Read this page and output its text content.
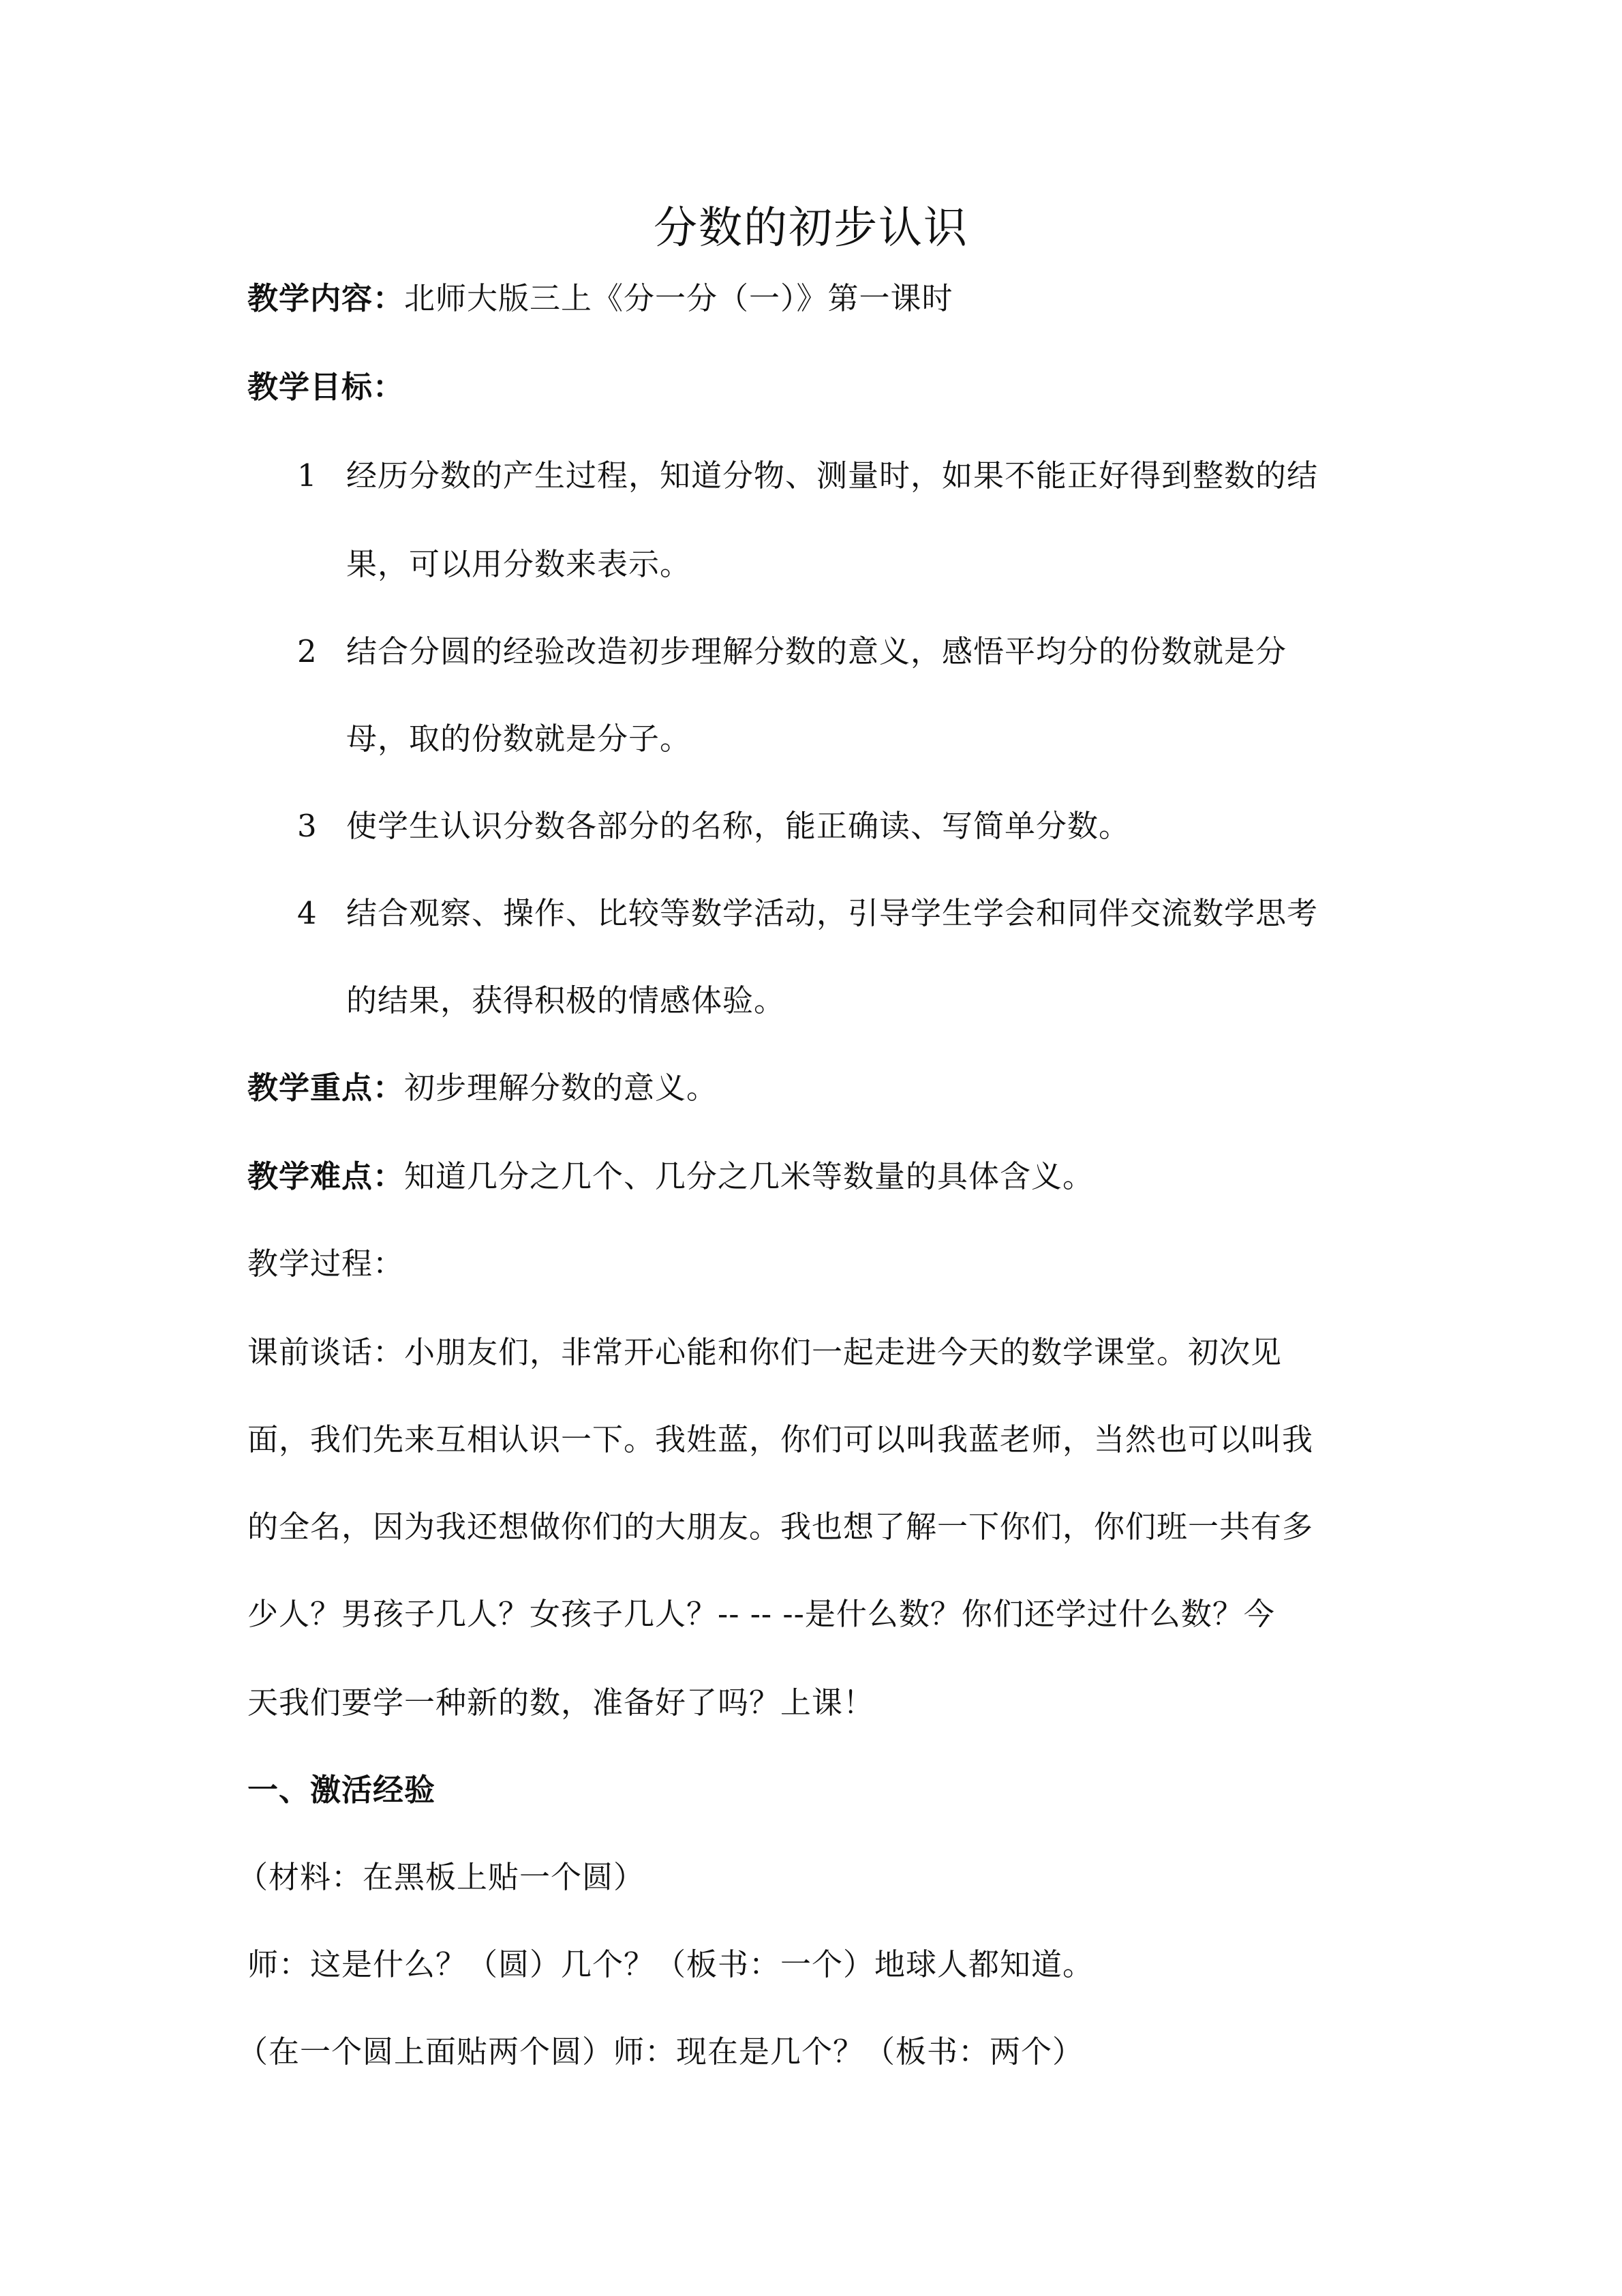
分数的初步认识
教学内容：北师大版三上《分一分（一）》第一课时
教学目标：
1 经历分数的产生过程，知道分物、测量时，如果不能正好得到整数的结
果，可以用分数来表示。
2 结合分圆的经验改造初步理解分数的意义，感悟平均分的份数就是分
母，取的份数就是分子。
3 使学生认识分数各部分的名称，能正确读、写简单分数。
4 结合观察、操作、比较等数学活动，引导学生学会和同伴交流数学思考
的结果，获得积极的情感体验。
教学重点：初步理解分数的意义。
教学难点：知道几分之几个、几分之几米等数量的具体含义。
教学过程：
课前谈话：小朋友们，非常开心能和你们一起走进今天的数学课堂。初次见
面，我们先来互相认识一下。我姓蓝，你们可以叫我蓝老师，当然也可以叫我
的全名，因为我还想做你们的大朋友。我也想了解一下你们，你们班一共有多
少人？男孩子几人？女孩子几人？-- -- --是什么数？你们还学过什么数？今
天我们要学一种新的数，准备好了吗？上课！
一、激活经验
（材料：在黑板上贴一个圆）
师：这是什么？（圆）几个？（板书：一个）地球人都知道。
（在一个圆上面贴两个圆）师：现在是几个？（板书：两个）
